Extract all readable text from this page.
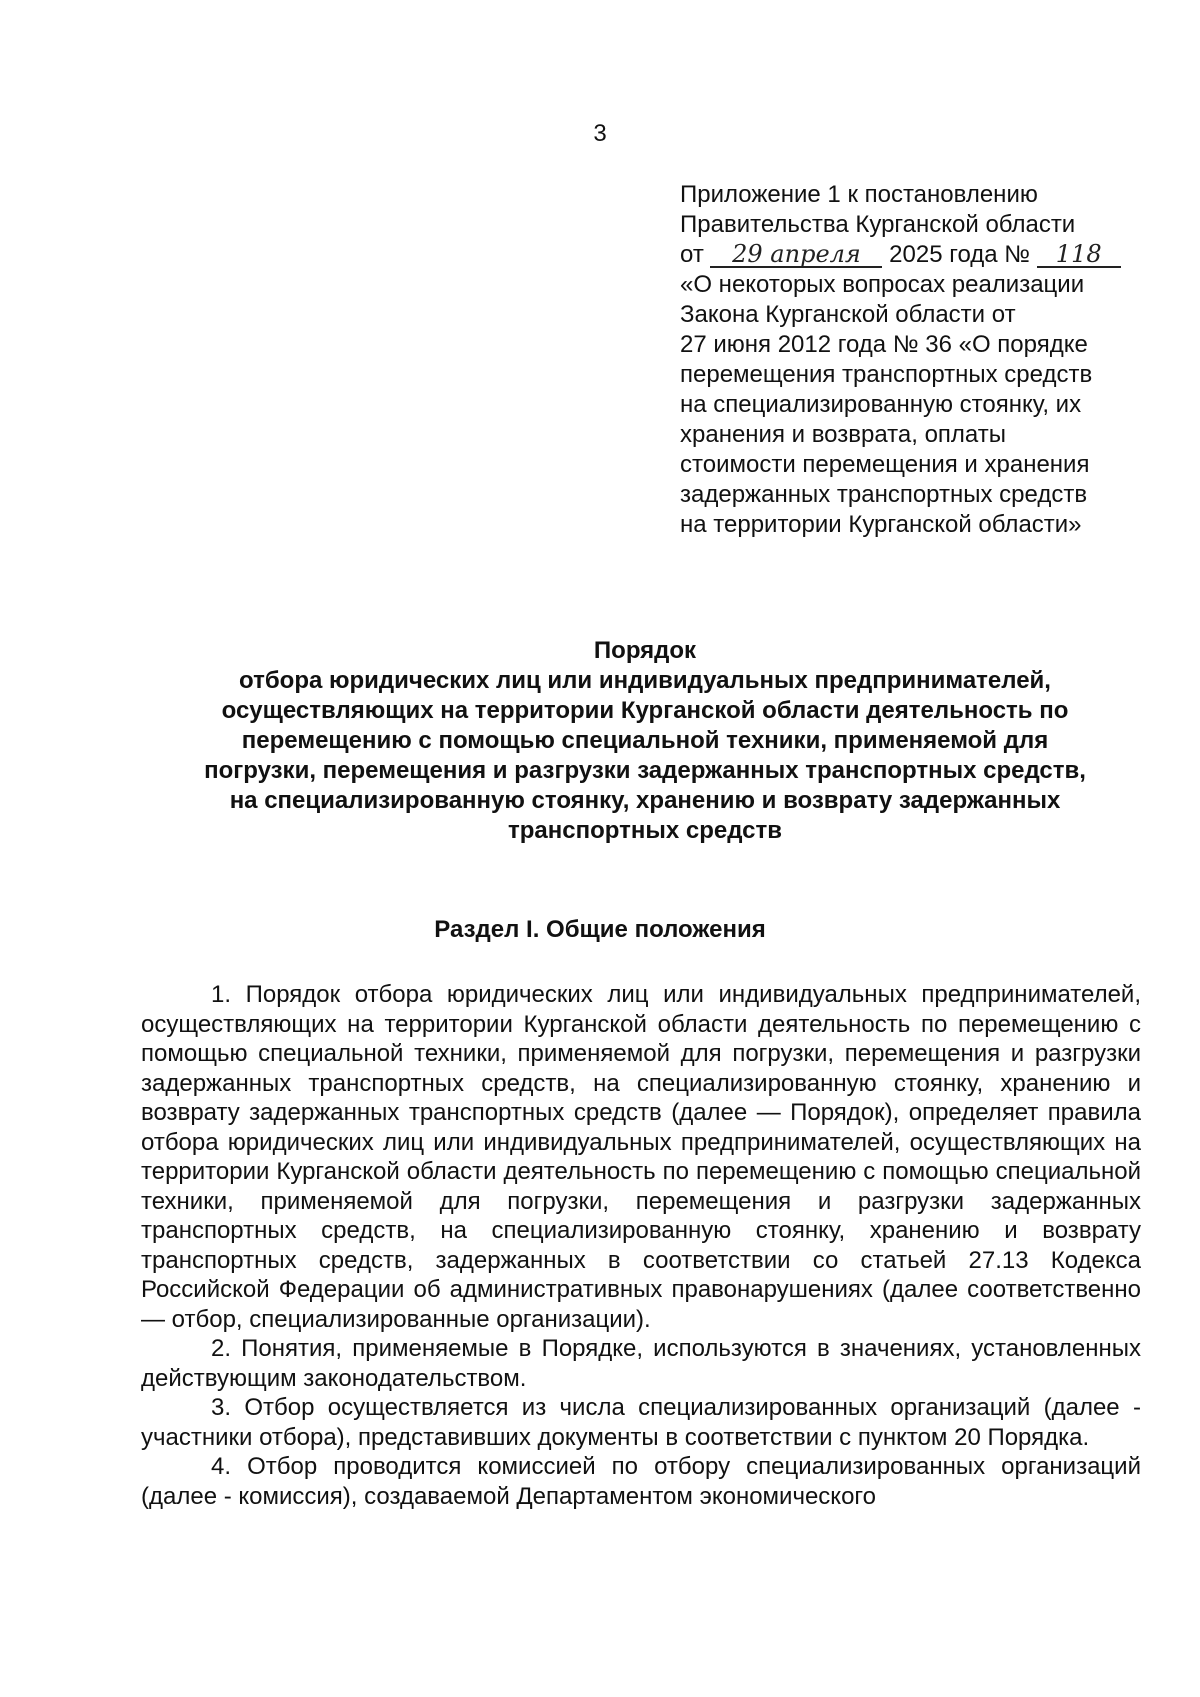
3
Приложение 1 к постановлению
Правительства Курганской области
от 29 апреля 2025 года № 118
«О некоторых вопросах реализации
Закона Курганской области от
27 июня 2012 года № 36 «О порядке
перемещения транспортных средств
на специализированную стоянку, их
хранения и возврата, оплаты
стоимости перемещения и хранения
задержанных транспортных средств
на территории Курганской области»
Порядок
отбора юридических лиц или индивидуальных предпринимателей,
осуществляющих на территории Курганской области деятельность по
перемещению с помощью специальной техники, применяемой для
погрузки, перемещения и разгрузки задержанных транспортных средств,
на специализированную стоянку, хранению и возврату задержанных
транспортных средств
Раздел I. Общие положения

1. Порядок отбора юридических лиц или индивидуальных предпринимателей, осуществляющих на территории Курганской области деятельность по перемещению с помощью специальной техники, применяемой для погрузки, перемещения и разгрузки задержанных транспортных средств, на специализированную стоянку, хранению и возврату задержанных транспортных средств (далее — Порядок), определяет правила отбора юридических лиц или индивидуальных предпринимателей, осуществляющих на территории Курганской области деятельность по перемещению с помощью специальной техники, применяемой для погрузки, перемещения и разгрузки задержанных транспортных средств, на специализированную стоянку, хранению и возврату транспортных средств, задержанных в соответствии со статьей 27.13 Кодекса Российской Федерации об административных правонарушениях (далее соответственно — отбор, специализированные организации).

2. Понятия, применяемые в Порядке, используются в значениях, установленных действующим законодательством.

3. Отбор осуществляется из числа специализированных организаций (далее - участники отбора), представивших документы в соответствии с пунктом 20 Порядка.

4. Отбор проводится комиссией по отбору специализированных организаций (далее - комиссия), создаваемой Департаментом экономического
